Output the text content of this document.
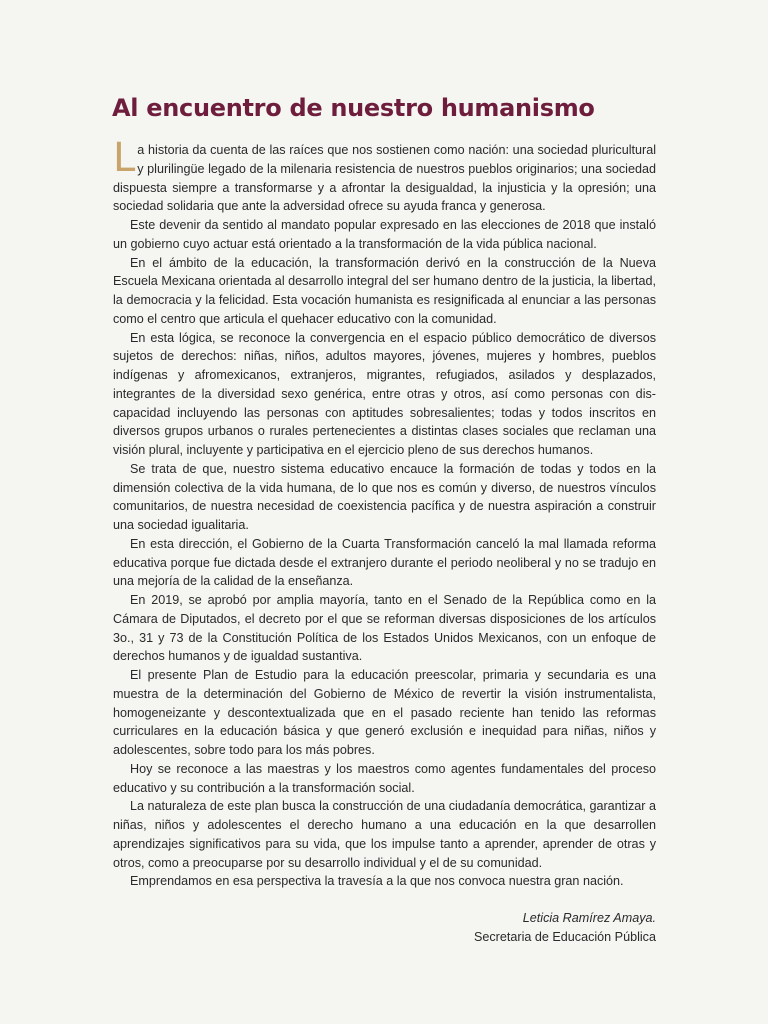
Al encuentro de nuestro humanismo

La historia da cuenta de las raíces que nos sostienen como nación: una sociedad pluricultural y plurilingüe legado de la milenaria resistencia de nuestros pueblos originarios; una sociedad dispuesta siempre a transformarse y a afrontar la desigualdad, la injusticia y la opresión; una sociedad solidaria que ante la adversidad ofrece su ayuda franca y generosa.

Este devenir da sentido al mandato popular expresado en las elecciones de 2018 que instaló un gobierno cuyo actuar está orientado a la transformación de la vida pública nacional.

En el ámbito de la educación, la transformación derivó en la construcción de la Nueva Escuela Mexicana orientada al desarrollo integral del ser humano dentro de la justicia, la libertad, la democracia y la felicidad. Esta vocación humanista es resignificada al enunciar a las personas como el centro que articula el quehacer educativo con la comunidad.

En esta lógica, se reconoce la convergencia en el espacio público democrático de diversos sujetos de derechos: niñas, niños, adultos mayores, jóvenes, mujeres y hombres, pueblos indígenas y afromexicanos, extranjeros, migrantes, refugiados, asilados y desplazados, integrantes de la diversidad sexo genérica, entre otras y otros, así como personas con discapacidad incluyendo las personas con aptitudes sobresalientes; todas y todos inscritos en diversos grupos urbanos o rurales pertenecientes a distintas clases sociales que reclaman una visión plural, incluyente y participativa en el ejercicio pleno de sus derechos humanos.

Se trata de que, nuestro sistema educativo encauce la formación de todas y todos en la dimensión colectiva de la vida humana, de lo que nos es común y diverso, de nuestros vínculos comunitarios, de nuestra necesidad de coexistencia pacífica y de nuestra aspiración a construir una sociedad igualitaria.

En esta dirección, el Gobierno de la Cuarta Transformación canceló la mal llamada reforma educativa porque fue dictada desde el extranjero durante el periodo neoliberal y no se tradujo en una mejoría de la calidad de la enseñanza.

En 2019, se aprobó por amplia mayoría, tanto en el Senado de la República como en la Cámara de Diputados, el decreto por el que se reforman diversas disposiciones de los artículos 3o., 31 y 73 de la Constitución Política de los Estados Unidos Mexicanos, con un enfoque de derechos humanos y de igualdad sustantiva.

El presente Plan de Estudio para la educación preescolar, primaria y secundaria es una muestra de la determinación del Gobierno de México de revertir la visión instrumentalista, homogeneizante y descontextualizada que en el pasado reciente han tenido las reformas curriculares en la educación básica y que generó exclusión e inequidad para niñas, niños y adolescentes, sobre todo para los más pobres.

Hoy se reconoce a las maestras y los maestros como agentes fundamentales del proceso educativo y su contribución a la transformación social.

La naturaleza de este plan busca la construcción de una ciudadanía democrática, garantizar a niñas, niños y adolescentes el derecho humano a una educación en la que desarrollen aprendizajes significativos para su vida, que los impulse tanto a aprender, aprender de otras y otros, como a preocuparse por su desarrollo individual y el de su comunidad.

Emprendamos en esa perspectiva la travesía a la que nos convoca nuestra gran nación.

Leticia Ramírez Amaya.
Secretaria de Educación Pública
